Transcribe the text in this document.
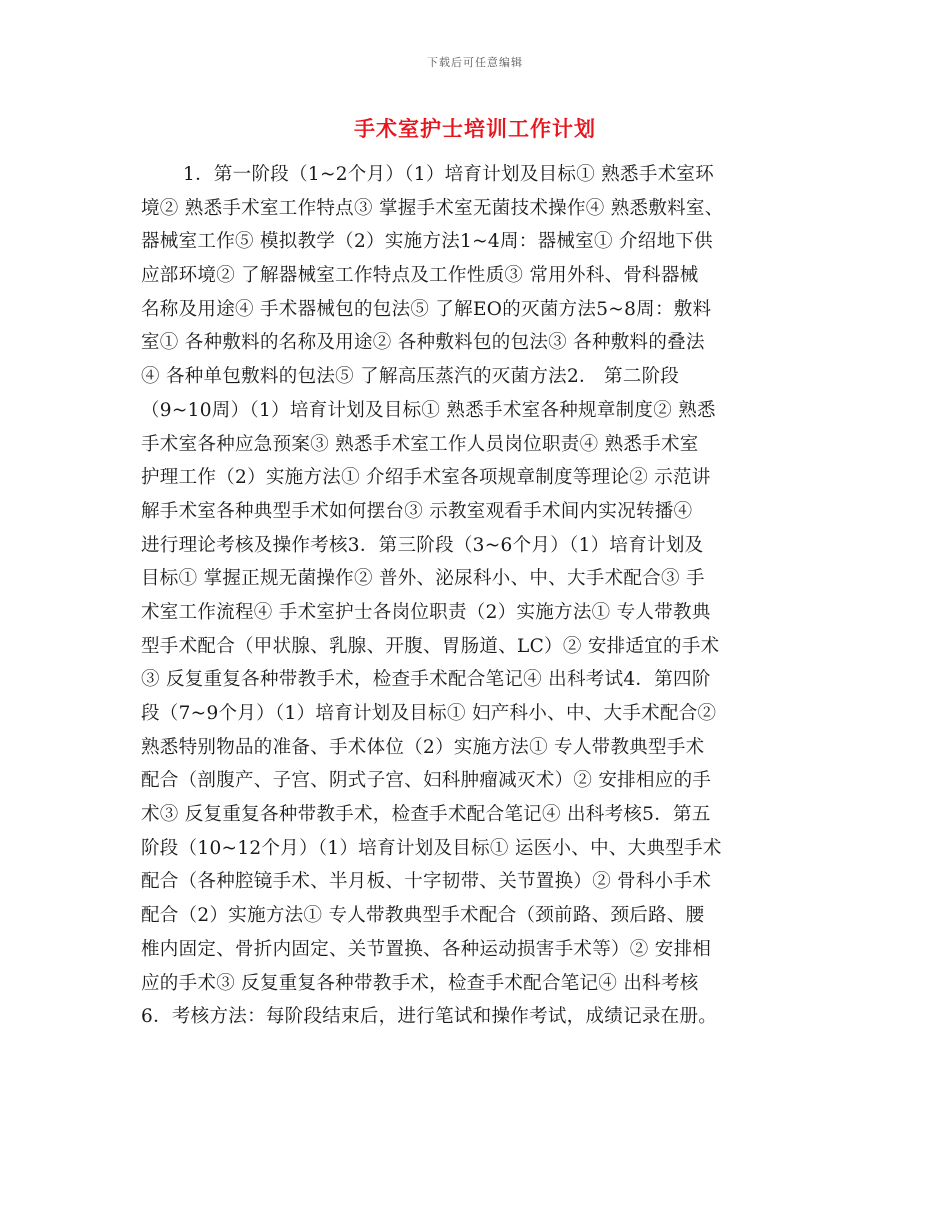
下载后可任意编辑
手术室护士培训工作计划
1．第一阶段（1~2个月）（1）培育计划及目标① 熟悉手术室环
境② 熟悉手术室工作特点③ 掌握手术室无菌技术操作④ 熟悉敷料室、
器械室工作⑤ 模拟教学（2）实施方法1~4周：器械室① 介绍地下供
应部环境② 了解器械室工作特点及工作性质③ 常用外科、骨科器械
名称及用途④ 手术器械包的包法⑤ 了解EO的灭菌方法5~8周：敷料
室① 各种敷料的名称及用途② 各种敷料包的包法③ 各种敷料的叠法
④ 各种单包敷料的包法⑤ 了解高压蒸汽的灭菌方法2． 第二阶段
（9~10周）（1）培育计划及目标① 熟悉手术室各种规章制度② 熟悉
手术室各种应急预案③ 熟悉手术室工作人员岗位职责④ 熟悉手术室
护理工作（2）实施方法① 介绍手术室各项规章制度等理论② 示范讲
解手术室各种典型手术如何摆台③ 示教室观看手术间内实况转播④
进行理论考核及操作考核3．第三阶段（3~6个月）（1）培育计划及
目标① 掌握正规无菌操作② 普外、泌尿科小、中、大手术配合③ 手
术室工作流程④ 手术室护士各岗位职责（2）实施方法① 专人带教典
型手术配合（甲状腺、乳腺、开腹、胃肠道、LC）② 安排适宜的手术
③ 反复重复各种带教手术，检查手术配合笔记④ 出科考试4．第四阶
段（7~9个月）（1）培育计划及目标① 妇产科小、中、大手术配合②
熟悉特别物品的准备、手术体位（2）实施方法① 专人带教典型手术
配合（剖腹产、子宫、阴式子宫、妇科肿瘤减灭术）② 安排相应的手
术③ 反复重复各种带教手术，检查手术配合笔记④ 出科考核5．第五
阶段（10~12个月）（1）培育计划及目标① 运医小、中、大典型手术
配合（各种腔镜手术、半月板、十字韧带、关节置换）② 骨科小手术
配合（2）实施方法① 专人带教典型手术配合（颈前路、颈后路、腰
椎内固定、骨折内固定、关节置换、各种运动损害手术等）② 安排相
应的手术③ 反复重复各种带教手术，检查手术配合笔记④ 出科考核
6．考核方法：每阶段结束后，进行笔试和操作考试，成绩记录在册。
